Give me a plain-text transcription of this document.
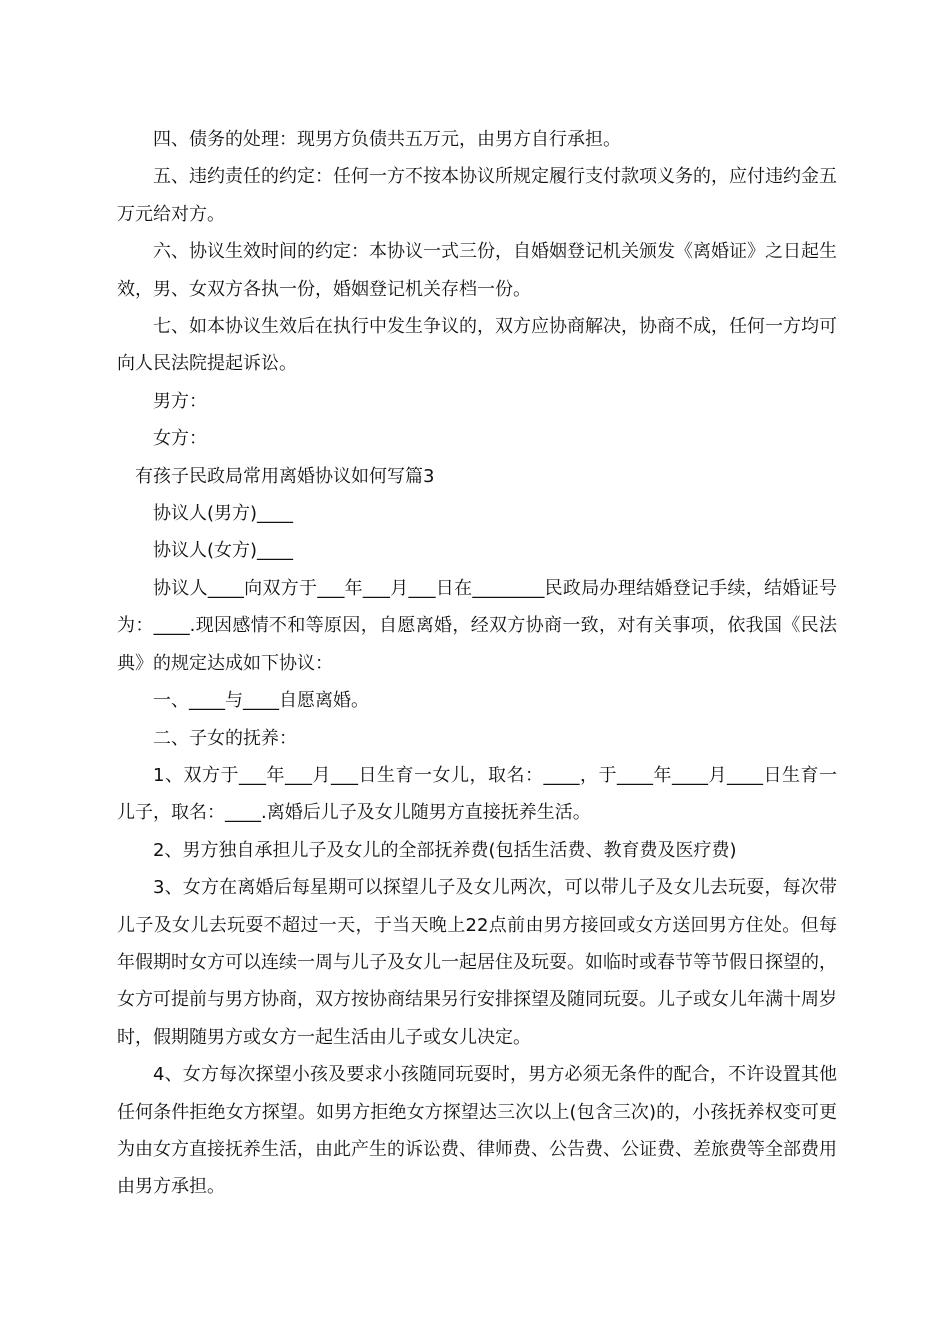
四、债务的处理：现男方负债共五万元，由男方自行承担。

五、违约责任的约定：任何一方不按本协议所规定履行支付款项义务的，应付违约金五万元给对方。

六、协议生效时间的约定：本协议一式三份，自婚姻登记机关颁发《离婚证》之日起生效，男、女双方各执一份，婚姻登记机关存档一份。

七、如本协议生效后在执行中发生争议的，双方应协商解决，协商不成，任何一方均可向人民法院提起诉讼。

男方：

女方：

有孩子民政局常用离婚协议如何写篇3

协议人(男方)____

协议人(女方)____

协议人____向双方于___年___月___日在________民政局办理结婚登记手续，结婚证号为：____.现因感情不和等原因，自愿离婚，经双方协商一致，对有关事项，依我国《民法典》的规定达成如下协议：

一、____与____自愿离婚。

二、子女的抚养：

1、双方于___年___月___日生育一女儿，取名：____，于____年____月____日生育一儿子，取名：____.离婚后儿子及女儿随男方直接抚养生活。

2、男方独自承担儿子及女儿的全部抚养费(包括生活费、教育费及医疗费)

3、女方在离婚后每星期可以探望儿子及女儿两次，可以带儿子及女儿去玩耍，每次带儿子及女儿去玩耍不超过一天，于当天晚上22点前由男方接回或女方送回男方住处。但每年假期时女方可以连续一周与儿子及女儿一起居住及玩耍。如临时或春节等节假日探望的，女方可提前与男方协商，双方按协商结果另行安排探望及随同玩耍。儿子或女儿年满十周岁时，假期随男方或女方一起生活由儿子或女儿决定。

4、女方每次探望小孩及要求小孩随同玩耍时，男方必须无条件的配合，不许设置其他任何条件拒绝女方探望。如男方拒绝女方探望达三次以上(包含三次)的，小孩抚养权变可更为由女方直接抚养生活，由此产生的诉讼费、律师费、公告费、公证费、差旅费等全部费用由男方承担。
